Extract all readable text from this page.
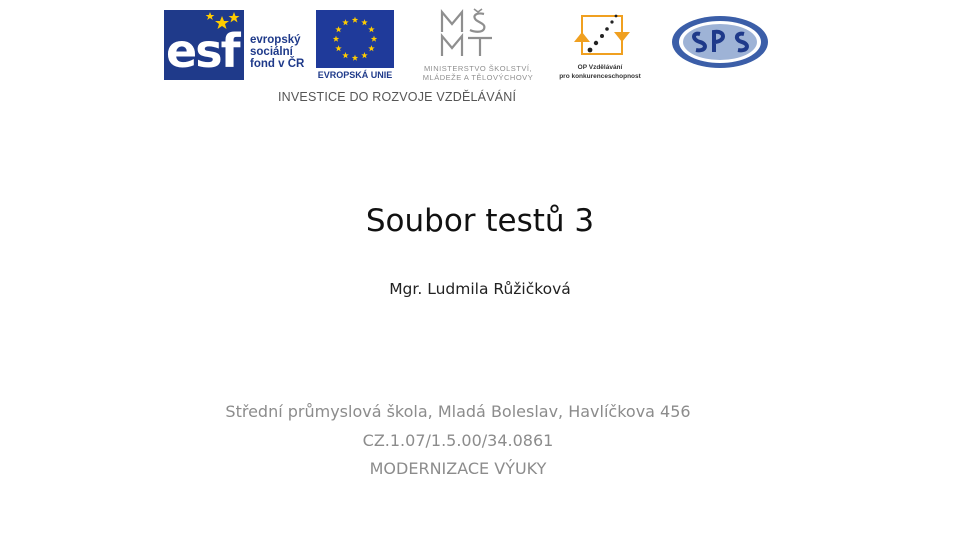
esf evropský
sociální
fond v ČR
EVROPSKÁ UNIE
MINISTERSTVO ŠKOLSTVÍ,
MLÁDEŽE A TĚLOVÝCHOVY
OP Vzdělávání
pro konkurenceschopnost
INVESTICE DO ROZVOJE VZDĚLÁVÁNÍ
Soubor testů 3
Mgr. Ludmila Růžičková
Střední průmyslová škola, Mladá Boleslav, Havlíčkova 456
CZ.1.07/1.5.00/34.0861
MODERNIZACE VÝUKY
